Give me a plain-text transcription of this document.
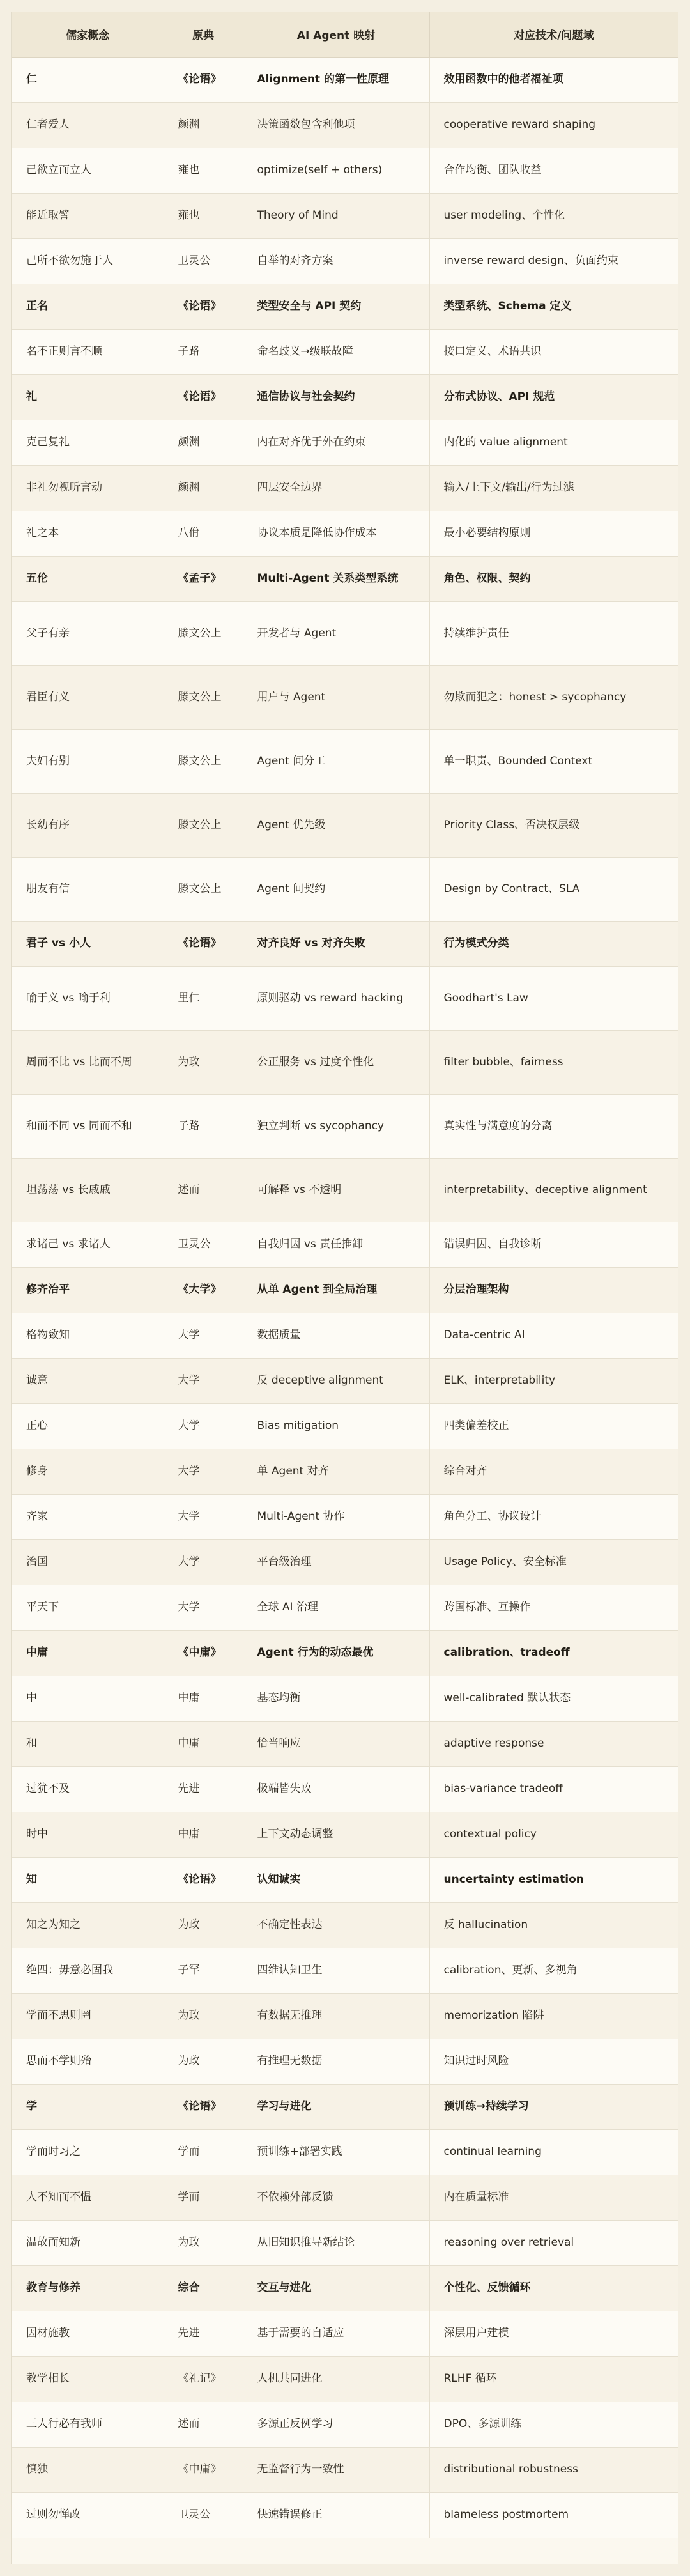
儒家概念	原典	AI Agent 映射	对应技术/问题域
仁	《论语》	Alignment 的第一性原理	效用函数中的他者福祉项
仁者爱人	颜渊	决策函数包含利他项	cooperative reward shaping
己欲立而立人	雍也	optimize(self + others)	合作均衡、团队收益
能近取譬	雍也	Theory of Mind	user modeling、个性化
己所不欲勿施于人	卫灵公	自举的对齐方案	inverse reward design、负面约束
正名	《论语》	类型安全与 API 契约	类型系统、Schema 定义
名不正则言不顺	子路	命名歧义→级联故障	接口定义、术语共识
礼	《论语》	通信协议与社会契约	分布式协议、API 规范
克己复礼	颜渊	内在对齐优于外在约束	内化的 value alignment
非礼勿视听言动	颜渊	四层安全边界	输入/上下文/输出/行为过滤
礼之本	八佾	协议本质是降低协作成本	最小必要结构原则
五伦	《孟子》	Multi-Agent 关系类型系统	角色、权限、契约
父子有亲	滕文公上	开发者与 Agent	持续维护责任
君臣有义	滕文公上	用户与 Agent	勿欺而犯之：honest > sycophancy
夫妇有别	滕文公上	Agent 间分工	单一职责、Bounded Context
长幼有序	滕文公上	Agent 优先级	Priority Class、否决权层级
朋友有信	滕文公上	Agent 间契约	Design by Contract、SLA
君子 vs 小人	《论语》	对齐良好 vs 对齐失败	行为模式分类
喻于义 vs 喻于利	里仁	原则驱动 vs reward hacking	Goodhart's Law
周而不比 vs 比而不周	为政	公正服务 vs 过度个性化	filter bubble、fairness
和而不同 vs 同而不和	子路	独立判断 vs sycophancy	真实性与满意度的分离
坦荡荡 vs 长戚戚	述而	可解释 vs 不透明	interpretability、deceptive alignment
求诸己 vs 求诸人	卫灵公	自我归因 vs 责任推卸	错误归因、自我诊断
修齐治平	《大学》	从单 Agent 到全局治理	分层治理架构
格物致知	大学	数据质量	Data-centric AI
诚意	大学	反 deceptive alignment	ELK、interpretability
正心	大学	Bias mitigation	四类偏差校正
修身	大学	单 Agent 对齐	综合对齐
齐家	大学	Multi-Agent 协作	角色分工、协议设计
治国	大学	平台级治理	Usage Policy、安全标准
平天下	大学	全球 AI 治理	跨国标准、互操作
中庸	《中庸》	Agent 行为的动态最优	calibration、tradeoff
中	中庸	基态均衡	well-calibrated 默认状态
和	中庸	恰当响应	adaptive response
过犹不及	先进	极端皆失败	bias-variance tradeoff
时中	中庸	上下文动态调整	contextual policy
知	《论语》	认知诚实	uncertainty estimation
知之为知之	为政	不确定性表达	反 hallucination
绝四：毋意必固我	子罕	四维认知卫生	calibration、更新、多视角
学而不思则罔	为政	有数据无推理	memorization 陷阱
思而不学则殆	为政	有推理无数据	知识过时风险
学	《论语》	学习与进化	预训练→持续学习
学而时习之	学而	预训练+部署实践	continual learning
人不知而不愠	学而	不依赖外部反馈	内在质量标准
温故而知新	为政	从旧知识推导新结论	reasoning over retrieval
教育与修养	综合	交互与进化	个性化、反馈循环
因材施教	先进	基于需要的自适应	深层用户建模
教学相长	《礼记》	人机共同进化	RLHF 循环
三人行必有我师	述而	多源正反例学习	DPO、多源训练
慎独	《中庸》	无监督行为一致性	distributional robustness
过则勿惮改	卫灵公	快速错误修正	blameless postmortem
